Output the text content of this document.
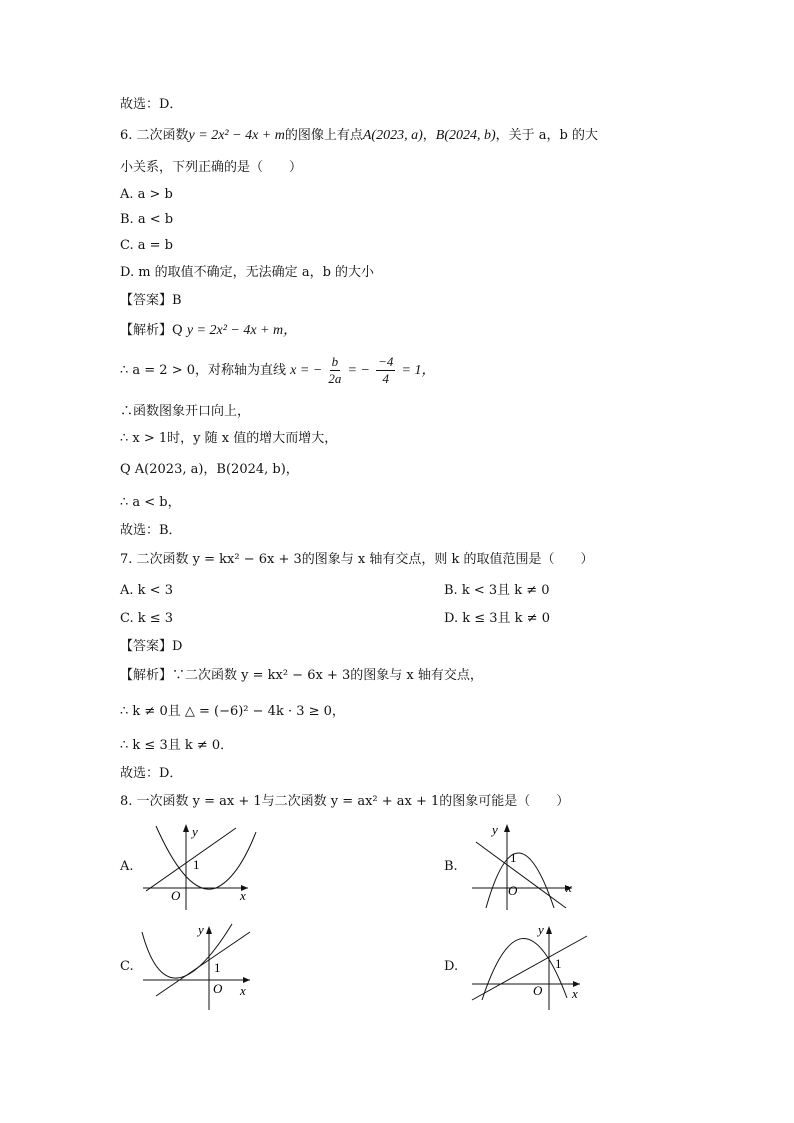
故选：D．
6. 二次函数y = 2x² − 4x + m的图像上有点A(2023, a)，B(2024, b)，关于 a，b 的大
小关系，下列正确的是（　　）
A. a > b
B. a < b
C. a = b
D. m 的取值不确定，无法确定 a，b 的大小
【答案】B
【解析】Q y = 2x² − 4x + m，
∴ a = 2 > 0，对称轴为直线 x = − $\frac{b}{2a}$ = − $\frac{-4}{4} = 1$，
∴函数图象开口向上，
∴ x > 1时，y 随 x 值的增大而增大，
Q A(2023, a)，B(2024, b)，
∴ a < b，
故选：B．
7. 二次函数 y = kx² − 6x + 3的图象与 x 轴有交点，则 k 的取值范围是（　　）
A. k < 3	B. k < 3且 k ≠ 0
C. k ≤ 3	D. k ≤ 3且 k ≠ 0
【答案】D
【解析】∵二次函数 y = kx² − 6x + 3的图象与 x 轴有交点，
∴ k ≠ 0且 △ = (−6)² − 4k · 3 ≥ 0，
∴ k ≤ 3且 k ≠ 0．
故选：D．
8. 一次函数 y = ax + 1与二次函数 y = ax² + ax + 1的图象可能是（　　）
A.
y
x
O
1	B.
y
x
O
1
C.
y
x
O
1	D.
y
x
O
1
